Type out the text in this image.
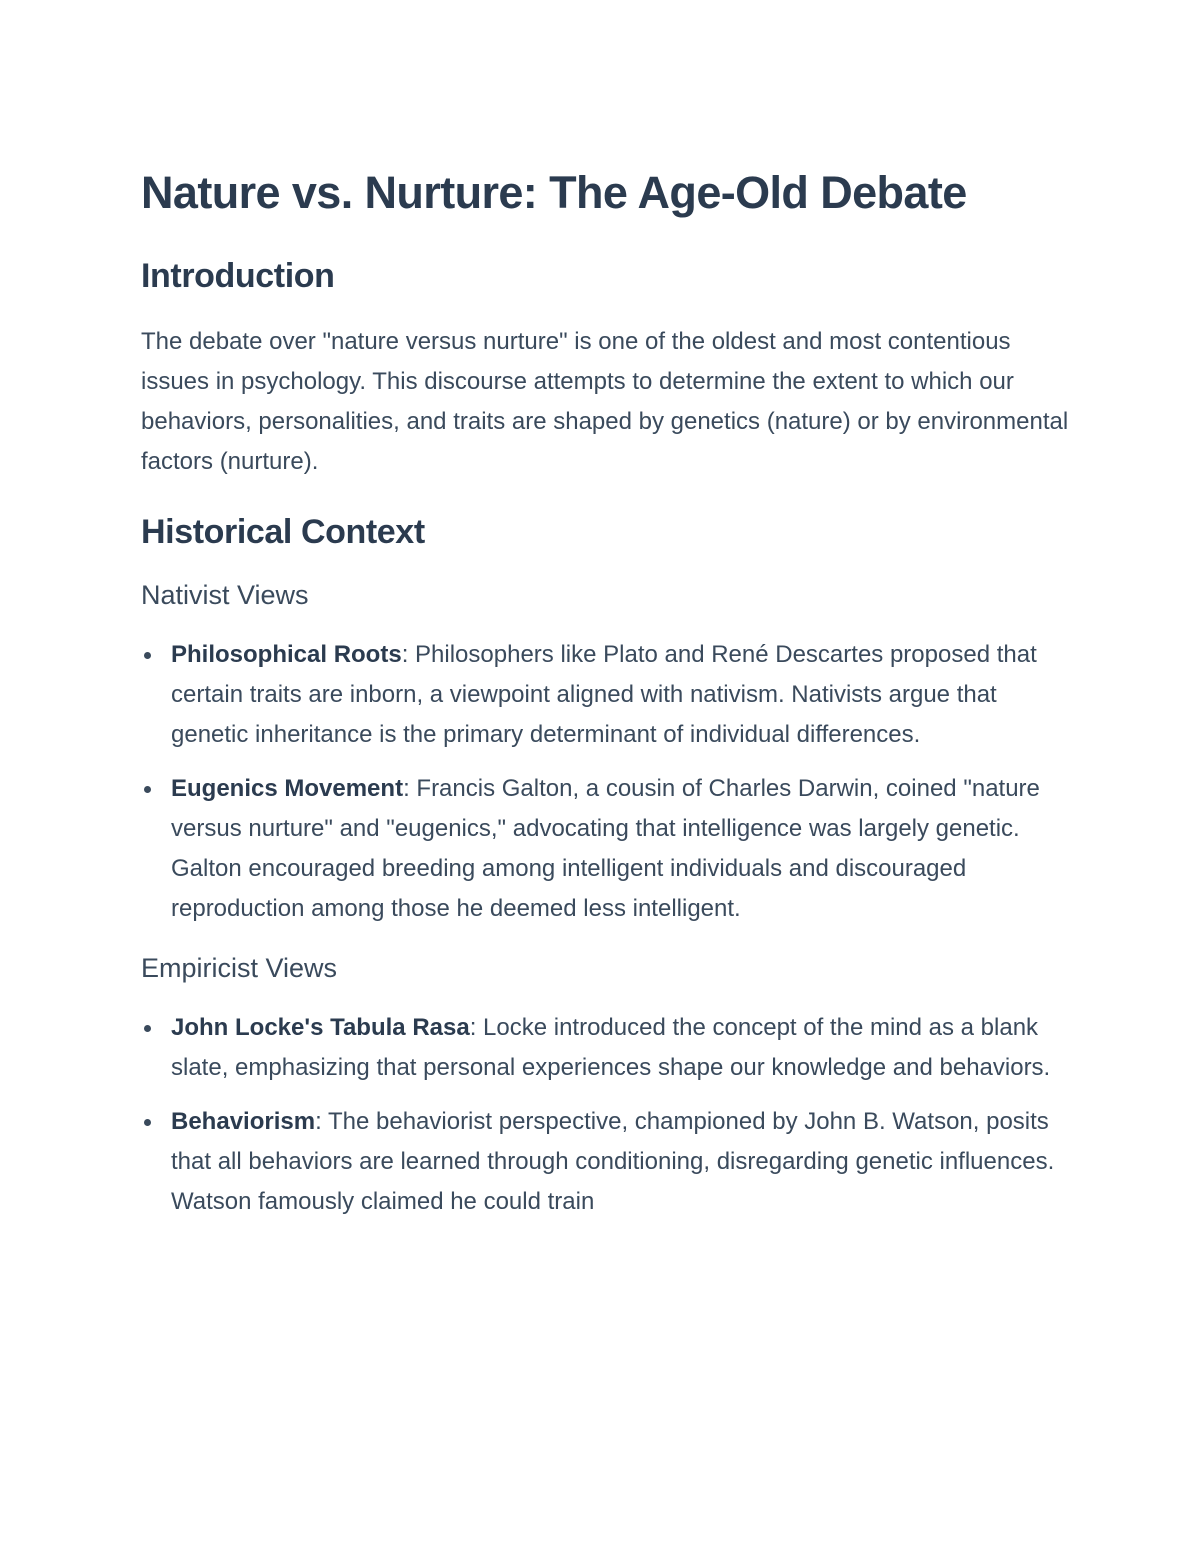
Nature vs. Nurture: The Age-Old Debate
Introduction

The debate over "nature versus nurture" is one of the oldest and most contentious issues in psychology. This discourse attempts to determine the extent to which our behaviors, personalities, and traits are shaped by genetics (nature) or by environmental factors (nurture).

Historical Context
Nativist Views
Philosophical Roots: Philosophers like Plato and René Descartes proposed that certain traits are inborn, a viewpoint aligned with nativism. Nativists argue that genetic inheritance is the primary determinant of individual differences.
Eugenics Movement: Francis Galton, a cousin of Charles Darwin, coined "nature versus nurture" and "eugenics," advocating that intelligence was largely genetic. Galton encouraged breeding among intelligent individuals and discouraged reproduction among those he deemed less intelligent.
Empiricist Views
John Locke's Tabula Rasa: Locke introduced the concept of the mind as a blank slate, emphasizing that personal experiences shape our knowledge and behaviors.
Behaviorism: The behaviorist perspective, championed by John B. Watson, posits that all behaviors are learned through conditioning, disregarding genetic influences. Watson famously claimed he could train
